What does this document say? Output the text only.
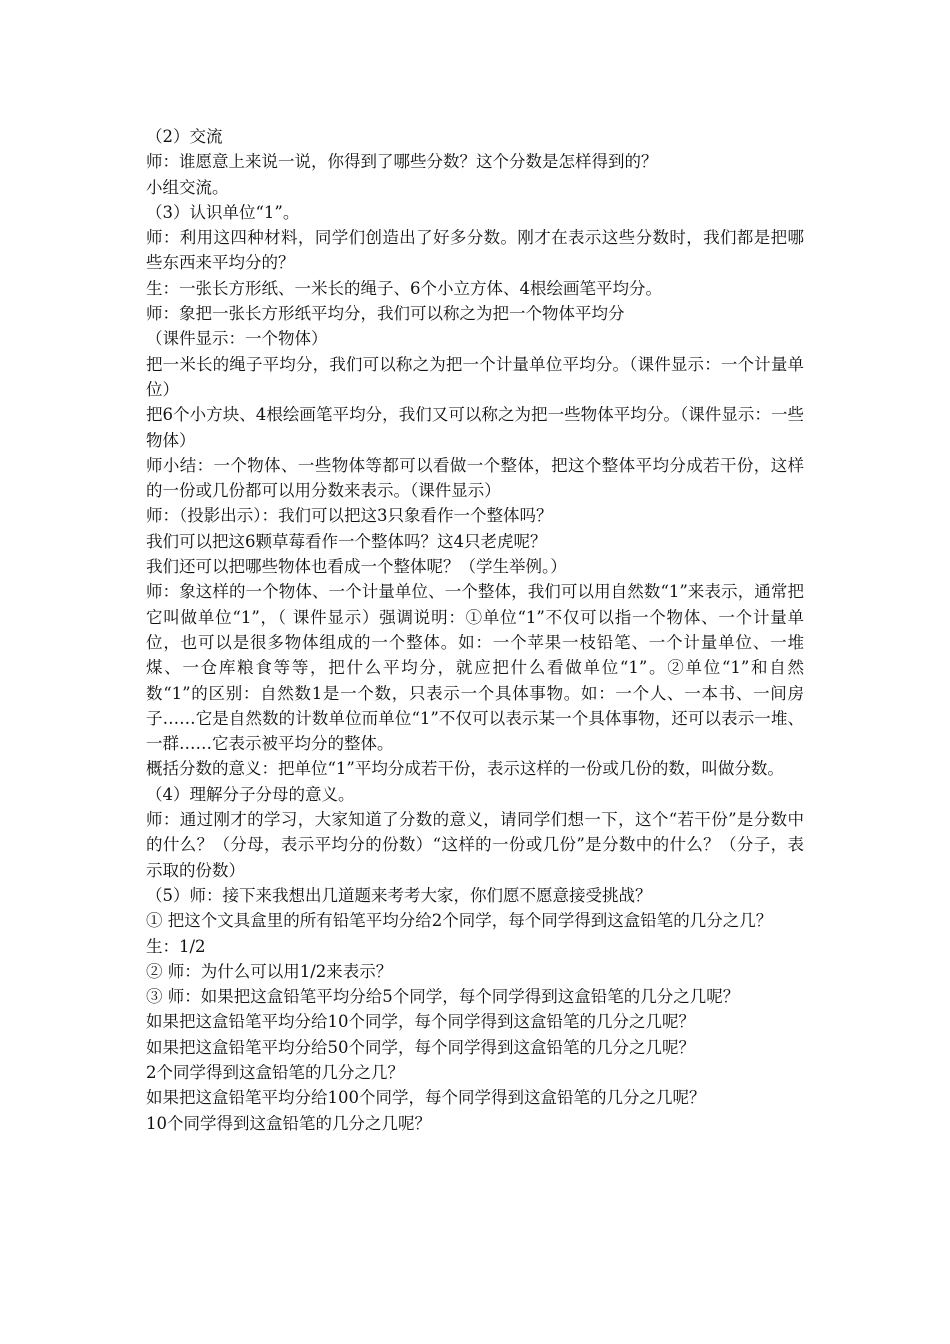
（2）交流

师：谁愿意上来说一说，你得到了哪些分数？这个分数是怎样得到的？

小组交流。

（3）认识单位“1”。

师：利用这四种材料，同学们创造出了好多分数。刚才在表示这些分数时，我们都是把哪些东西来平均分的？

生：一张长方形纸、一米长的绳子、6个小立方体、4根绘画笔平均分。

师：象把一张长方形纸平均分，我们可以称之为把一个物体平均分

（课件显示：一个物体）

把一米长的绳子平均分，我们可以称之为把一个计量单位平均分。（课件显示：一个计量单位）

把6个小方块、4根绘画笔平均分，我们又可以称之为把一些物体平均分。（课件显示：一些物体）

师小结：一个物体、一些物体等都可以看做一个整体，把这个整体平均分成若干份，这样的一份或几份都可以用分数来表示。（课件显示）

师：（投影出示）：我们可以把这3只象看作一个整体吗？

我们可以把这6颗草莓看作一个整体吗？这4只老虎呢？

我们还可以把哪些物体也看成一个整体呢？（学生举例。）

师：象这样的一个物体、一个计量单位、一个整体，我们可以用自然数“1”来表示，通常把它叫做单位“1”，（ 课件显示）强调说明：①单位“1”不仅可以指一个物体、一个计量单位，也可以是很多物体组成的一个整体。如：一个苹果一枝铅笔、一个计量单位、一堆煤、一仓库粮食等等，把什么平均分，就应把什么看做单位“1”。②单位“1”和自然数“1”的区别：自然数1是一个数，只表示一个具体事物。如：一个人、一本书、一间房子……它是自然数的计数单位而单位“1”不仅可以表示某一个具体事物，还可以表示一堆、一群……它表示被平均分的整体。

概括分数的意义：把单位“1”平均分成若干份，表示这样的一份或几份的数，叫做分数。

（4）理解分子分母的意义。

师：通过刚才的学习，大家知道了分数的意义，请同学们想一下，这个“若干份”是分数中的什么？（分母，表示平均分的份数）“这样的一份或几份”是分数中的什么？（分子，表示取的份数）

（5）师：接下来我想出几道题来考考大家，你们愿不愿意接受挑战？

① 把这个文具盒里的所有铅笔平均分给2个同学，每个同学得到这盒铅笔的几分之几？

生：1/2

② 师：为什么可以用1/2来表示？

③ 师：如果把这盒铅笔平均分给5个同学，每个同学得到这盒铅笔的几分之几呢？

如果把这盒铅笔平均分给10个同学，每个同学得到这盒铅笔的几分之几呢？

如果把这盒铅笔平均分给50个同学，每个同学得到这盒铅笔的几分之几呢？

2个同学得到这盒铅笔的几分之几？

如果把这盒铅笔平均分给100个同学，每个同学得到这盒铅笔的几分之几呢？

10个同学得到这盒铅笔的几分之几呢？
